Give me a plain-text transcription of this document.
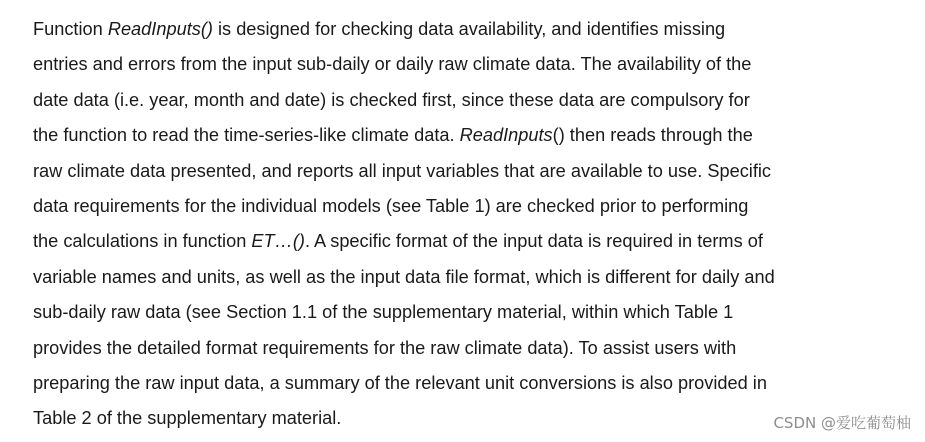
Function ReadInputs() is designed for checking data availability, and identifies missing
entries and errors from the input sub-daily or daily raw climate data. The availability of the
date data (i.e. year, month and date) is checked first, since these data are compulsory for
the function to read the time-series-like climate data. ReadInputs() then reads through the
raw climate data presented, and reports all input variables that are available to use. Specific
data requirements for the individual models (see Table 1) are checked prior to performing
the calculations in function ET…(). A specific format of the input data is required in terms of
variable names and units, as well as the input data file format, which is different for daily and
sub-daily raw data (see Section 1.1 of the supplementary material, within which Table 1
provides the detailed format requirements for the raw climate data). To assist users with
preparing the raw input data, a summary of the relevant unit conversions is also provided in
Table 2 of the supplementary material.	CSDN @爱吃葡萄柚
